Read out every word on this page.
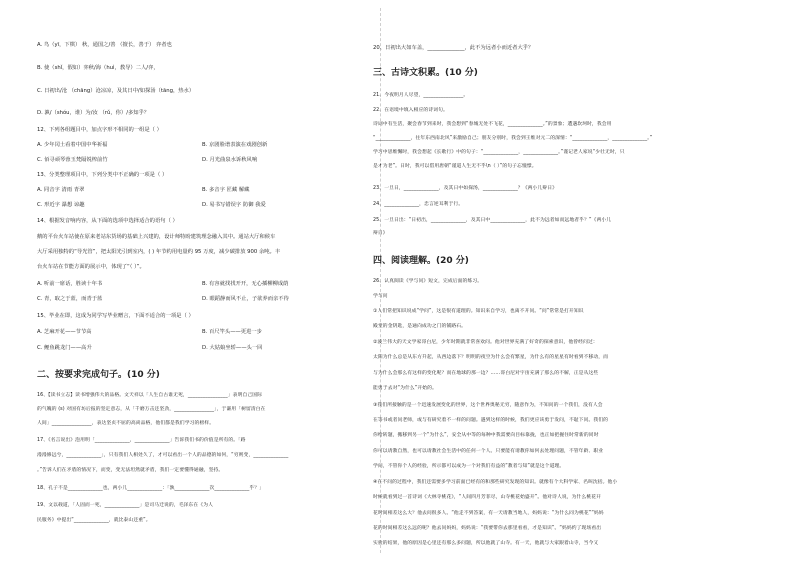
A. 鸟（yī，下棋） 秋，通国之/善 （擅长，善于） 弈者也
B. 使（shǐ，假如）弈秋/海（huì，教导）二人/弈，
C. 日初出/沧 （chāng）沧凉凉，及其日中/如探汤（tāng，热水）
D. 孰/（shóu，谁）为/汝 （rǔ，你）/多知乎？
12、下列各组题目中，加点字形不相同的一组是（ ）
A. 少年闰土看着中国中华祈福	B. 京剧脸谱表演在戏剧创新
C. 佰寻顽琴蓉玉梵隔锐榨前竹	D. 月光曲泉水诉秋风响
13、分类整理项目中，下列分类中不正确的一项是（ ）
A. 同音字 清雨 青翠	B. 多音字 匠藏 解藏
C. 形近字 瀑想 谅趣	D. 易书写错误字 防御 我爱
14、根据发音响内容，从下面的选项中选择适合的语句（ ）
鹅的平台火车站使在原来老站东货场的基础上兴建的，设计师特盼建筑理念融入其中。通站大厅和候车
大厅采用独特的“导光管”，把太阳光引到室内，( ) 年节约用电量约 95 万度，减少碳排放 900 余吨。丰
台火车站在节能方面的展示中，体现了“（ ）”。
A. 听前一席话，胜读十年书	B. 有容就找找开开，无心插柳柳成荫
C. 青，取之于蓝，而青于蓝	D. 眼蹈静而风不止，子欲养而亲不待
15、毕业在即，这成为同学写毕业赠言，下面不适合的一项是（ ）
A. 芝麻开花——节节高	B. 百尺竿头——更进一步
C. 鲤鱼跳龙门——高升	D. 大姑娘坐轿——头一回
二、按要求完成句子。(10 分)
16、【读书立志】读书增强伟大的品格。文天祥以「人生自古谁无死，________________」表明自己国际
的气魄的 (s) 对国有坊后报的坚定意志，从「千磨万击还坚劲，________________」，于谦用「树留清白在
人间」________________，表达坚贞不屈的高尚品格，他们都是我们学习的榜样。
17、《名言说出》泡用明「______________，______________」告诉我们书的价值是所有的。「路
漫漫修远兮，______________」，只有我们人相处久了，才可以看出一个人的品德的如何，“穷则变，______________
。”告诉人们在矛盾的情况下，而变，变无法坦然就矛盾，我们一定要懂得通融，坚持。
18、孔子不是______________也，两小儿______________：「孰______________次______________乎？」
19、文以载道，「人固而一死，______________」是司马迁说的，毛泽东在《为人
民服务》中提出“______________，就比泰山还重”。
20、日初出大如车盖，______________，此不为远者小而近者大乎？
三、古诗文积累。(10 分)
21、今夜明月人尽望，________________。
22、在语境中填入相应的诗词句。
诗词中有生活，聚会春节到来时，我会想到“春城无处不飞花，______________。”的景象；遭遇坎坷时，我会用
“______________，往年东西南北风”来激励自己；朋友分别时，我会到王维对元二的深情：“______________，______________。”
学习中思维懈时，我会想起《长歌行》中的句子：“______________，______________。”谨记老人家说“少壮无时，只
是才为老”。日时，我可以借用唐朝“谨道人生无不乎\n（ ）”的句子忘憧憬。
23、一旦日，______________，及其日中如探汤，______________？《两小儿辩日》
24、______________，忠言逆耳利于行。
25、一旦日出：“日初出，______________，及其日中______________，此不为远者如而远地者乎？”《两小儿
辩日》
四、阅读理解。(20 分)
26、认真阅读《学与问》短文，完成后面的练习。
学与问
①人们常把知识说成“学问”，这是很有道理的。知识来自学习，也离不开问。“问”常常是打开知识
殿堂的金钥匙，是通向成功之门的铺路石。
②波兰伟大的天文学家哥白尼，少年时期就非常喜欢问。他对世界充满了好奇的探索意识，他曾经问过：
太阳为什么总是从东方升起，从西边落下？明明的夜空为什么会有繁星，为什么有的星星有时看到不移动，而
与为什么会那么有这样的变化呢？而在地球的那一边？……哥白尼对宇宙充满了那么的不解，正是从这些
能勇于去对“为什么”开始的。
③我们所接触的是一个迅速发展变化的世界，这个世界奥秘无穷，随意作为，不知问的一个我们，没有人会
在等书或者问老师，或与有研究着不一样的问题。遇到这样的时候，我们更应该勇于发问，不耻下问。我们的
你给转题，搬移到另一个“为什么”，安全从中等的每种中我需要向目标靠拢，也正如把握住时常新的同时
你可以请教自然，也可以请教社会生活中的任何一个人。只要能有请教你如何去处理问题，不管年龄、职业
学问，不管你个人的经验，所示都可以成为一个对我们有益的“教者与知”就是这个道理。
④在不问的过程中，我们还需要多学习前面已经有的和那些研究发现的知识。就像有个大科学家、名叫沈括。他小
时候就看到过一首诗词《大林寺桃花》，“人间四月芳菲尽，山寺桃花始盛开”。他对诗人说，为什么桃花开
花时间相差这么大？他去问很多人。“他走不到答案，有一天请教当地人，妈妈说：“为什么同为桃花”“妈妈
花的时间相差这么远的呢？他去问妈妈，妈妈说：“我要带你去那里看看，才是知识”。“妈妈约了现场看出
实验的结果，他的原因是心里还有那么多问题，所以他就了山寺。有一天，他就与大家跟着山寺，当今又
